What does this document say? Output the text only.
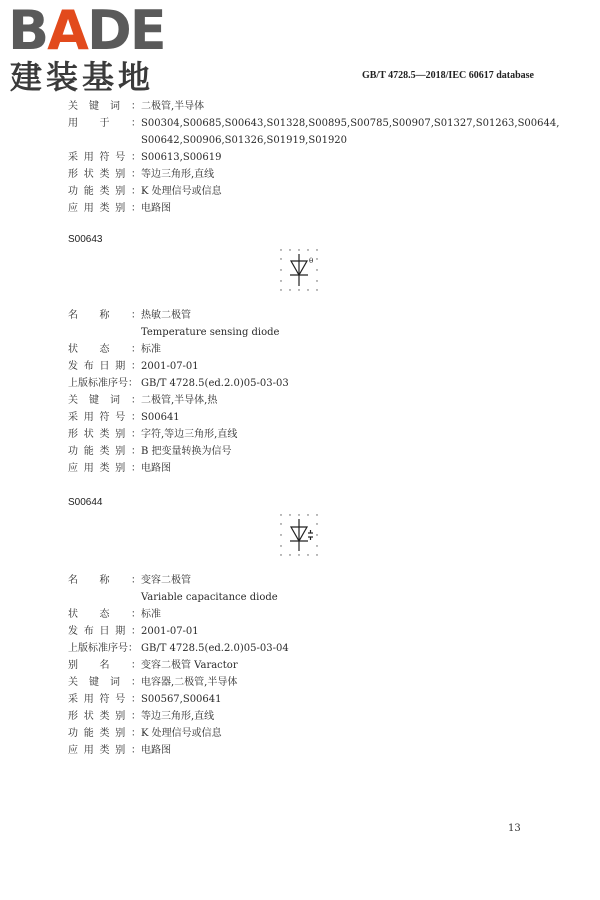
BADE
建装基地	GB/T 4728.5—2018/IEC 60617 database
关 键 词 ： 二极管,半导体
用 于 ： S00304,S00685,S00643,S01328,S00895,S00785,S00907,S01327,S01263,S00644,
S00642,S00906,S01326,S01919,S01920
采 用 符 号 ： S00613,S00619
形 状 类 别 ： 等边三角形,直线
功 能 类 别 ： K 处理信号或信息
应 用 类 别 ： 电路图
S00643
θ
名 称 ： 热敏二极管
Temperature sensing diode
状 态 ： 标准
发 布 日 期 ： 2001-07-01
上 版 标 准 序 号 ： GB/T 4728.5(ed.2.0)05-03-03
关 键 词 ： 二极管,半导体,热
采 用 符 号 ： S00641
形 状 类 别 ： 字符,等边三角形,直线
功 能 类 别 ： B 把变量转换为信号
应 用 类 别 ： 电路图
S00644
名 称 ： 变容二极管
Variable capacitance diode
状 态 ： 标准
发 布 日 期 ： 2001-07-01
上 版 标 准 序 号 ： GB/T 4728.5(ed.2.0)05-03-04
别 名 ： 变容二极管 Varactor
关 键 词 ： 电容器,二极管,半导体
采 用 符 号 ： S00567,S00641
形 状 类 别 ： 等边三角形,直线
功 能 类 别 ： K 处理信号或信息
应 用 类 别 ： 电路图
13
